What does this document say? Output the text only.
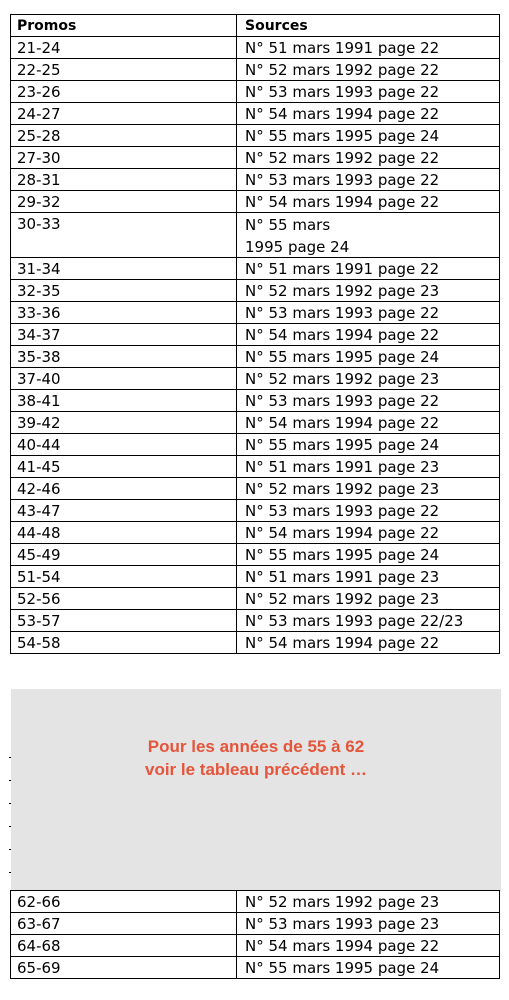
Promos	Sources
21-24	N° 51 mars 1991 page 22
22-25	N° 52 mars 1992 page 22
23-26	N° 53 mars 1993 page 22
24-27	N° 54 mars 1994 page 22
25-28	N° 55 mars 1995 page 24
27-30	N° 52 mars 1992 page 22
28-31	N° 53 mars 1993 page 22
29-32	N° 54 mars 1994 page 22
30-33	N° 55 mars
1995 page 24
31-34	N° 51 mars 1991 page 22
32-35	N° 52 mars 1992 page 23
33-36	N° 53 mars 1993 page 22
34-37	N° 54 mars 1994 page 22
35-38	N° 55 mars 1995 page 24
37-40	N° 52 mars 1992 page 23
38-41	N° 53 mars 1993 page 22
39-42	N° 54 mars 1994 page 22
40-44	N° 55 mars 1995 page 24
41-45	N° 51 mars 1991 page 23
42-46	N° 52 mars 1992 page 23
43-47	N° 53 mars 1993 page 22
44-48	N° 54 mars 1994 page 22
45-49	N° 55 mars 1995 page 24
51-54	N° 51 mars 1991 page 23
52-56	N° 52 mars 1992 page 23
53-57	N° 53 mars 1993 page 22/23
54-58	N° 54 mars 1994 page 22
Pour les années de 55 à 62
voir le tableau précédent …
62-66	N° 52 mars 1992 page 23
63-67	N° 53 mars 1993 page 23
64-68	N° 54 mars 1994 page 22
65-69	N° 55 mars 1995 page 24
